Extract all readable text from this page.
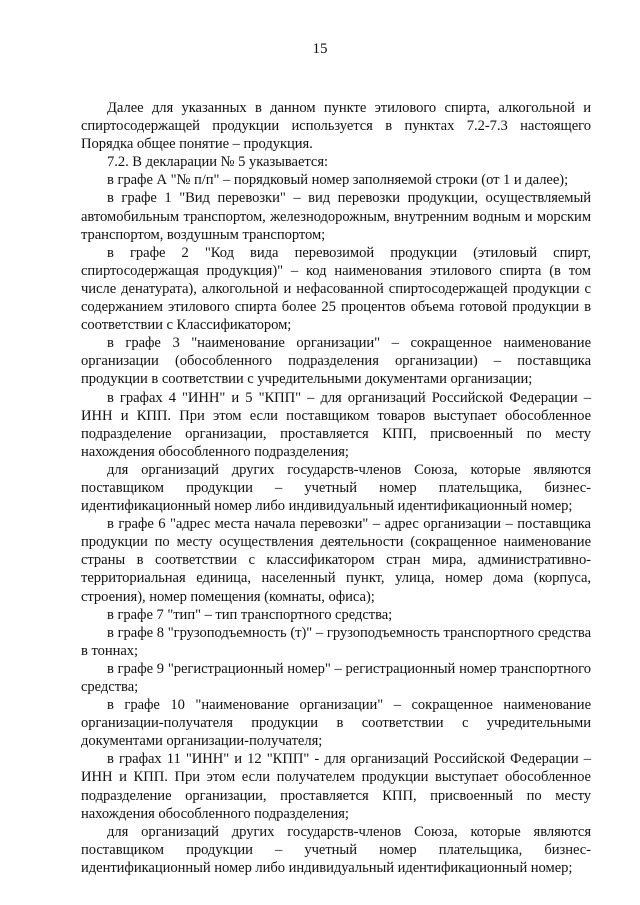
15

Далее для указанных в данном пункте этилового спирта, алкогольной и спиртосодержащей продукции используется в пунктах 7.2-7.3 настоящего Порядка общее понятие – продукция.

7.2. В декларации № 5 указывается:

в графе А "№ п/п" – порядковый номер заполняемой строки (от 1 и далее);

в графе 1 "Вид перевозки" – вид перевозки продукции, осуществляемый автомобильным транспортом, железнодорожным, внутренним водным и морским транспортом, воздушным транспортом;

в графе 2 "Код вида перевозимой продукции (этиловый спирт, спиртосодержащая продукция)" – код наименования этилового спирта (в том числе денатурата), алкогольной и нефасованной спиртосодержащей продукции с содержанием этилового спирта более 25 процентов объема готовой продукции в соответствии с Классификатором;

в графе 3 "наименование организации" – сокращенное наименование организации (обособленного подразделения организации) – поставщика продукции в соответствии с учредительными документами организации;

в графах 4 "ИНН" и 5 "КПП" – для организаций Российской Федерации – ИНН и КПП. При этом если поставщиком товаров выступает обособленное подразделение организации, проставляется КПП, присвоенный по месту нахождения обособленного подразделения;

для организаций других государств-членов Союза, которые являются поставщиком продукции – учетный номер плательщика, бизнес-идентификационный номер либо индивидуальный идентификационный номер;

в графе 6 "адрес места начала перевозки" – адрес организации – поставщика продукции по месту осуществления деятельности (сокращенное наименование страны в соответствии с классификатором стран мира, административно-территориальная единица, населенный пункт, улица, номер дома (корпуса, строения), номер помещения (комнаты, офиса);

в графе 7 "тип" – тип транспортного средства;

в графе 8 "грузоподъемность (т)" – грузоподъемность транспортного средства в тоннах;

в графе 9 "регистрационный номер" – регистрационный номер транспортного средства;

в графе 10 "наименование организации" – сокращенное наименование организации-получателя продукции в соответствии с учредительными документами организации-получателя;

в графах 11 "ИНН" и 12 "КПП" - для организаций Российской Федерации – ИНН и КПП. При этом если получателем продукции выступает обособленное подразделение организации, проставляется КПП, присвоенный по месту нахождения обособленного подразделения;

для организаций других государств-членов Союза, которые являются поставщиком продукции – учетный номер плательщика, бизнес-идентификационный номер либо индивидуальный идентификационный номер;
